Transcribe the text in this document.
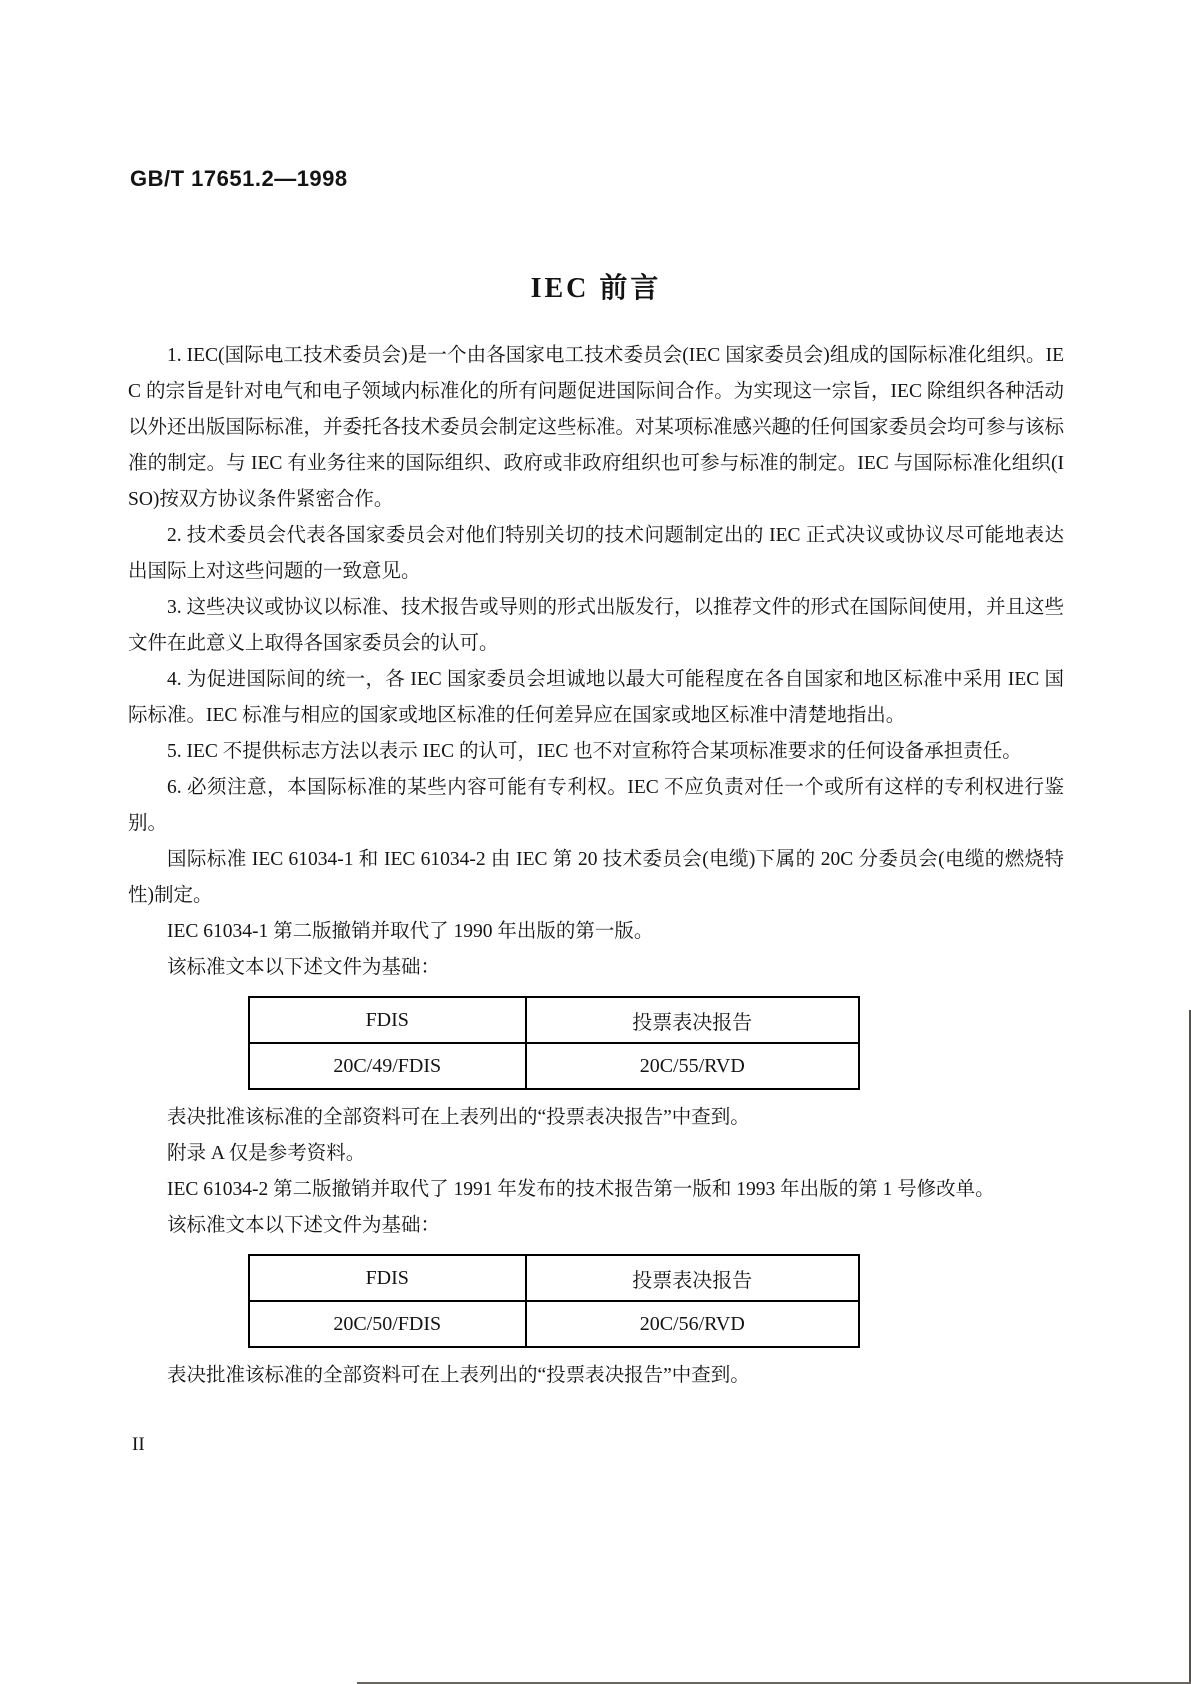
GB/T 17651.2—1998
IEC 前言

1. IEC(国际电工技术委员会)是一个由各国家电工技术委员会(IEC 国家委员会)组成的国际标准化组织。IEC 的宗旨是针对电气和电子领域内标准化的所有问题促进国际间合作。为实现这一宗旨，IEC 除组织各种活动以外还出版国际标准，并委托各技术委员会制定这些标准。对某项标准感兴趣的任何国家委员会均可参与该标准的制定。与 IEC 有业务往来的国际组织、政府或非政府组织也可参与标准的制定。IEC 与国际标准化组织(ISO)按双方协议条件紧密合作。

2. 技术委员会代表各国家委员会对他们特别关切的技术问题制定出的 IEC 正式决议或协议尽可能地表达出国际上对这些问题的一致意见。

3. 这些决议或协议以标准、技术报告或导则的形式出版发行，以推荐文件的形式在国际间使用，并且这些文件在此意义上取得各国家委员会的认可。

4. 为促进国际间的统一，各 IEC 国家委员会坦诚地以最大可能程度在各自国家和地区标准中采用 IEC 国际标准。IEC 标准与相应的国家或地区标准的任何差异应在国家或地区标准中清楚地指出。

5. IEC 不提供标志方法以表示 IEC 的认可，IEC 也不对宣称符合某项标准要求的任何设备承担责任。

6. 必须注意，本国际标准的某些内容可能有专利权。IEC 不应负责对任一个或所有这样的专利权进行鉴别。

国际标准 IEC 61034-1 和 IEC 61034-2 由 IEC 第 20 技术委员会(电缆)下属的 20C 分委员会(电缆的燃烧特性)制定。

IEC 61034-1 第二版撤销并取代了 1990 年出版的第一版。

该标准文本以下述文件为基础：

FDIS	投票表决报告
20C/49/FDIS	20C/55/RVD

表决批准该标准的全部资料可在上表列出的“投票表决报告”中查到。

附录 A 仅是参考资料。

IEC 61034-2 第二版撤销并取代了 1991 年发布的技术报告第一版和 1993 年出版的第 1 号修改单。

该标准文本以下述文件为基础：

FDIS	投票表决报告
20C/50/FDIS	20C/56/RVD

表决批准该标准的全部资料可在上表列出的“投票表决报告”中查到。

II
